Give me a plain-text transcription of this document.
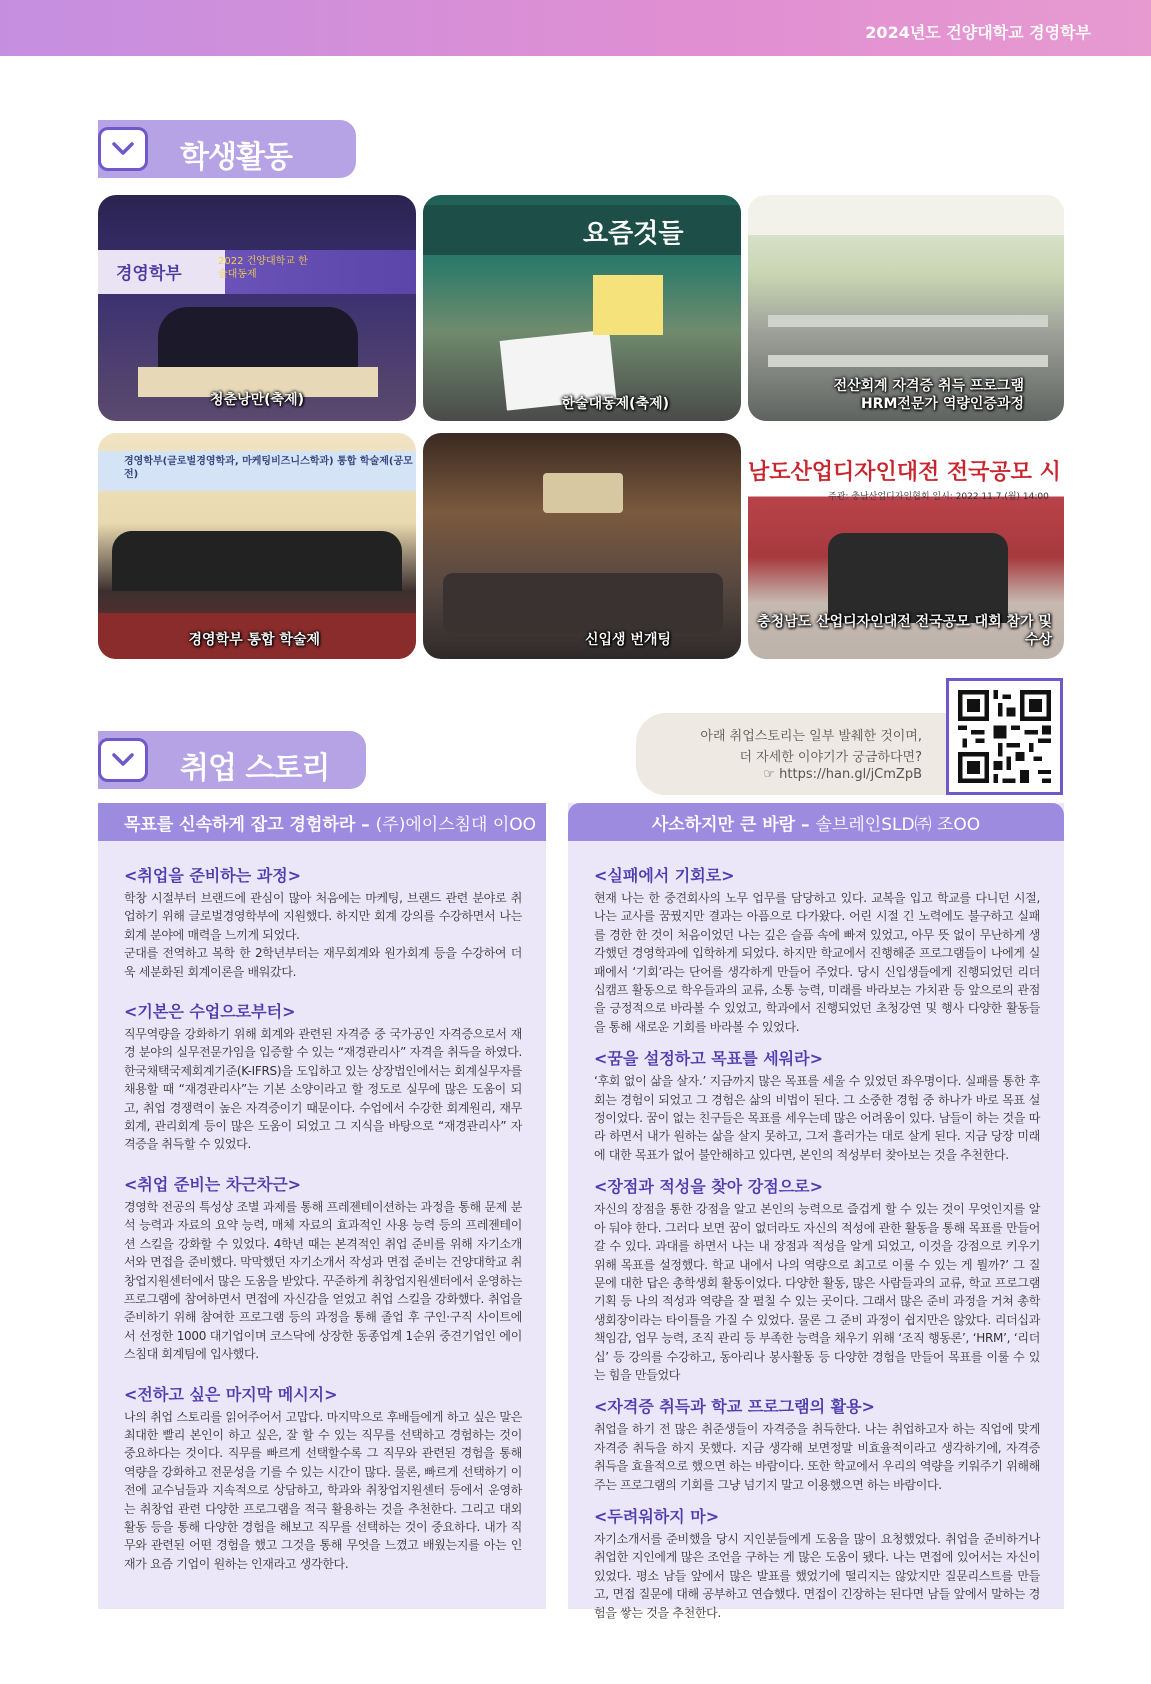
2024년도 건양대학교 경영학부
학생활동
경영학부
2022 건양대학교 한술대동제
청춘낭만(축제)
요즘것들
한술대동제(축제)
전산회계 자격증 취득 프로그램
HRM전문가 역량인증과정
경영학부(글로벌경영학과, 마케팅비즈니스학과) 통합 학술제(공모전)
경영학부 통합 학술제	신입생 번개팅
남도산업디자인대전 전국공모 시
주관: 충남산업디자인협회 일시: 2022.11.7.(월) 14:00
충청남도 산업디자인대전 전국공모 대회 참가 및 수상
아래 취업스토리는 일부 발췌한 것이며,
더 자세한 이야기가 궁금하다면?
☞ https://han.gl/jCmZpB
취업 스토리
목표를 신속하게 잡고 경험하라 – (주)에이스침대 이OO
<취업을 준비하는 과정>

학창 시절부터 브랜드에 관심이 많아 처음에는 마케팅, 브랜드 관련 분야로 취업하기 위해 글로벌경영학부에 지원했다. 하지만 회계 강의를 수강하면서 나는 회계 분야에 매력을 느끼게 되었다.
군대를 전역하고 복학 한 2학년부터는 재무회계와 원가회계 등을 수강하여 더욱 세분화된 회계이론을 배워갔다.

<기본은 수업으로부터>

직무역량을 강화하기 위해 회계와 관련된 자격증 중 국가공인 자격증으로서 재경 분야의 실무전문가임을 입증할 수 있는 “재경관리사” 자격을 취득을 하였다. 한국채택국제회계기준(K-IFRS)을 도입하고 있는 상장법인에서는 회계실무자를 채용할 때 “재경관리사”는 기본 소양이라고 할 정도로 실무에 많은 도움이 되고, 취업 경쟁력이 높은 자격증이기 때문이다. 수업에서 수강한 회계원리, 재무회계, 관리회계 등이 많은 도움이 되었고 그 지식을 바탕으로 “재경관리사” 자격증을 취득할 수 있었다.

<취업 준비는 차근차근>

경영학 전공의 특성상 조별 과제를 통해 프레젠테이션하는 과정을 통해 문제 분석 능력과 자료의 요약 능력, 매체 자료의 효과적인 사용 능력 등의 프레젠테이션 스킬을 강화할 수 있었다. 4학년 때는 본격적인 취업 준비를 위해 자기소개서와 면접을 준비했다. 막막했던 자기소개서 작성과 면접 준비는 건양대학교 취창업지원센터에서 많은 도움을 받았다. 꾸준하게 취창업지원센터에서 운영하는 프로그램에 참여하면서 면접에 자신감을 얻었고 취업 스킬을 강화했다. 취업을 준비하기 위해 참여한 프로그램 등의 과정을 통해 졸업 후 구인·구직 사이트에서 선정한 1000 대기업이며 코스닥에 상장한 동종업계 1순위 중견기업인 에이스침대 회계팀에 입사했다.

<전하고 싶은 마지막 메시지>

나의 취업 스토리를 읽어주어서 고맙다. 마지막으로 후배들에게 하고 싶은 말은 최대한 빨리 본인이 하고 싶은, 잘 할 수 있는 직무를 선택하고 경험하는 것이 중요하다는 것이다. 직무를 빠르게 선택할수록 그 직무와 관련된 경험을 통해 역량을 강화하고 전문성을 기를 수 있는 시간이 많다. 물론, 빠르게 선택하기 이전에 교수님들과 지속적으로 상담하고, 학과와 취창업지원센터 등에서 운영하는 취창업 관련 다양한 프로그램을 적극 활용하는 것을 추천한다. 그리고 대외활동 등을 통해 다양한 경험을 해보고 직무를 선택하는 것이 중요하다. 내가 직무와 관련된 어떤 경험을 했고 그것을 통해 무엇을 느꼈고 배웠는지를 아는 인재가 요즘 기업이 원하는 인재라고 생각한다.

사소하지만 큰 바람 – 솔브레인SLD㈜ 조OO
<실패에서 기회로>

현재 나는 한 중견회사의 노무 업무를 담당하고 있다. 교복을 입고 학교를 다니던 시절, 나는 교사를 꿈꿨지만 결과는 아픔으로 다가왔다. 어린 시절 긴 노력에도 불구하고 실패를 경한 한 것이 처음이었던 나는 깊은 슬픔 속에 빠져 있었고, 아무 뜻 없이 무난하게 생각했던 경영학과에 입학하게 되었다. 하지만 학교에서 진행해준 프로그램들이 나에게 실패에서 ‘기회’라는 단어를 생각하게 만들어 주었다. 당시 신입생들에게 진행되었던 리더십캠프 활동으로 학우들과의 교류, 소통 능력, 미래를 바라보는 가치관 등 앞으로의 관점을 긍정적으로 바라볼 수 있었고, 학과에서 진행되었던 초청강연 및 행사 다양한 활동들을 통해 새로운 기회를 바라볼 수 있었다.

<꿈을 설정하고 목표를 세워라>

‘후회 없이 삶을 살자.’ 지금까지 많은 목표를 세울 수 있었던 좌우명이다. 실패를 통한 후회는 경험이 되었고 그 경험은 삶의 비법이 된다. 그 소중한 경험 중 하나가 바로 목표 설정이었다. 꿈이 없는 친구들은 목표를 세우는데 많은 어려움이 있다. 남들이 하는 것을 따라 하면서 내가 원하는 삶을 살지 못하고, 그저 흘러가는 대로 살게 된다. 지금 당장 미래에 대한 목표가 없어 불안해하고 있다면, 본인의 적성부터 찾아보는 것을 추천한다.

<장점과 적성을 찾아 강점으로>

자신의 장점을 통한 강점을 알고 본인의 능력으로 즐겁게 할 수 있는 것이 무엇인지를 알아 둬야 한다. 그러다 보면 꿈이 없더라도 자신의 적성에 관한 활동을 통해 목표를 만들어 갈 수 있다. 과대를 하면서 나는 내 장점과 적성을 알게 되었고, 이것을 강점으로 키우기 위해 목표를 설정했다. 학교 내에서 나의 역량으로 최고로 이룰 수 있는 게 뭘까?’ 그 질문에 대한 답은 총학생회 활동이었다. 다양한 활동, 많은 사람들과의 교류, 학교 프로그램 기획 등 나의 적성과 역량을 잘 펼칠 수 있는 곳이다. 그래서 많은 준비 과정을 거쳐 총학생회장이라는 타이틀을 가질 수 있었다. 물론 그 준비 과정이 쉽지만은 않았다. 리더십과 책임감, 업무 능력, 조직 관리 등 부족한 능력을 채우기 위해 ‘조직 행동론’, ‘HRM’, ‘리더십’ 등 강의를 수강하고, 동아리나 봉사활동 등 다양한 경험을 만들어 목표를 이룰 수 있는 힘을 만들었다

<자격증 취득과 학교 프로그램의 활용>

취업을 하기 전 많은 취준생들이 자격증을 취득한다. 나는 취업하고자 하는 직업에 맞게 자격증 취득을 하지 못했다. 지금 생각해 보면정말 비효율적이라고 생각하기에, 자격증 취득을 효율적으로 했으면 하는 바람이다. 또한 학교에서 우리의 역량을 키워주기 위해해주는 프로그램의 기회를 그냥 넘기지 말고 이용했으면 하는 바람이다.

<두려워하지 마>

자기소개서를 준비했을 당시 지인분들에게 도움을 많이 요청했었다. 취업을 준비하거나 취업한 지인에게 많은 조언을 구하는 게 많은 도움이 됐다. 나는 면접에 있어서는 자신이 있었다. 평소 남들 앞에서 많은 발표를 했었기에 떨리지는 않았지만 질문리스트를 만들고, 면접 질문에 대해 공부하고 연습했다. 면접이 긴장하는 된다면 남들 앞에서 말하는 경험을 쌓는 것을 추천한다.
